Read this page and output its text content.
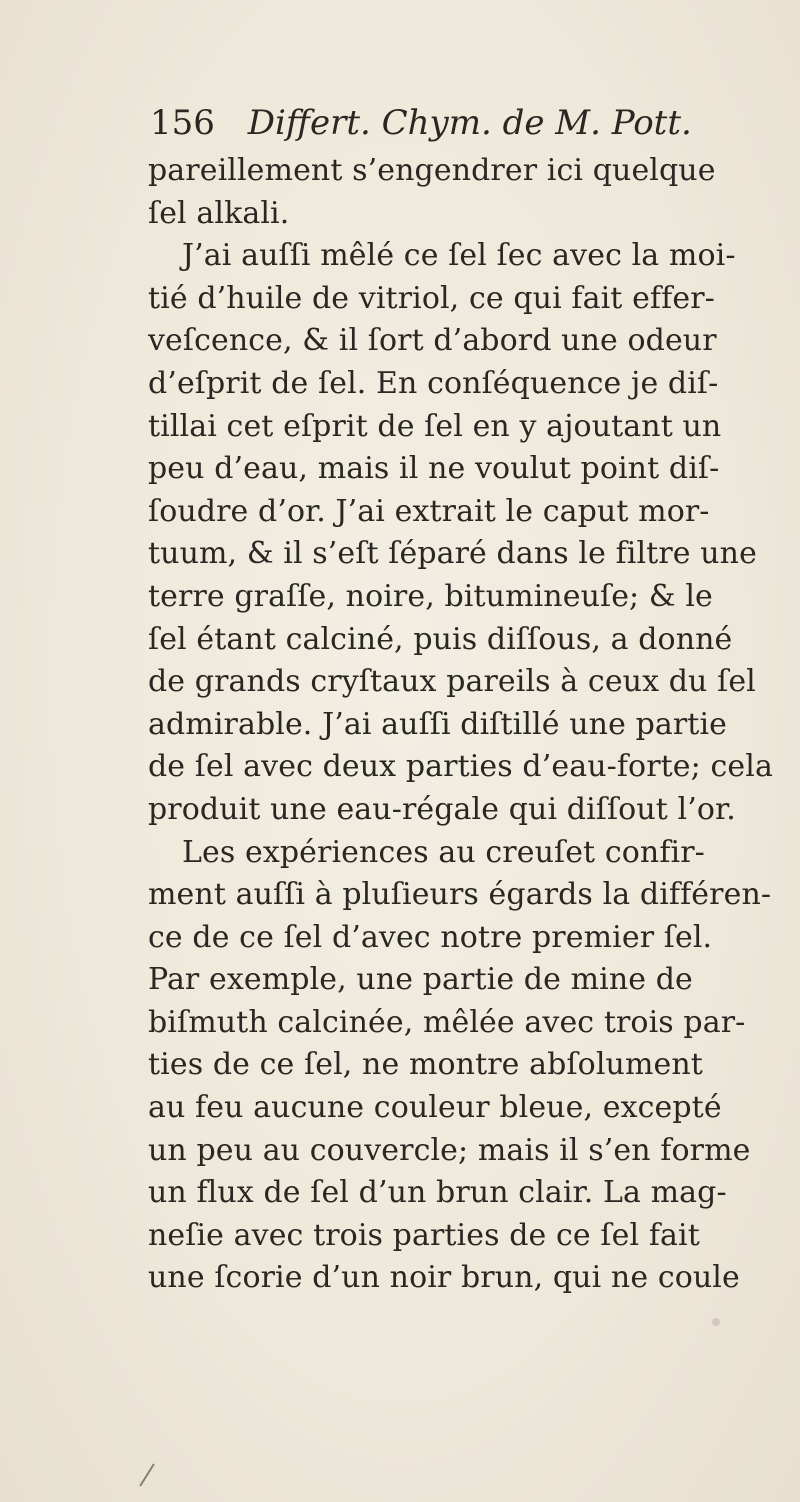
156 Differt. Chym. de M. Pott.
pareillement s’engendrer ici quelque
ſel alkali.
J’ai auſſi mêlé ce ſel ſec avec la moi-
tié d’huile de vitriol, ce qui fait effer-
veſcence, & il ſort d’abord une odeur
d’eſprit de ſel. En conſéquence je diſ-
tillai cet eſprit de ſel en y ajoutant un
peu d’eau, mais il ne voulut point diſ-
ſoudre d’or. J’ai extrait le caput mor-
tuum, & il s’eſt ſéparé dans le filtre une
terre graſſe, noire, bitumineuſe; & le
ſel étant calciné, puis diſſous, a donné
de grands cryſtaux pareils à ceux du ſel
admirable. J’ai auſſi diſtillé une partie
de ſel avec deux parties d’eau-forte; cela
produit une eau-régale qui diſſout l’or.
Les expériences au creuſet confir-
ment auſſi à pluſieurs égards la différen-
ce de ce ſel d’avec notre premier ſel.
Par exemple, une partie de mine de
biſmuth calcinée, mêlée avec trois par-
ties de ce ſel, ne montre abſolument
au feu aucune couleur bleue, excepté
un peu au couvercle; mais il s’en forme
un flux de ſel d’un brun clair. La mag-
neſie avec trois parties de ce ſel fait
une ſcorie d’un noir brun, qui ne coule
